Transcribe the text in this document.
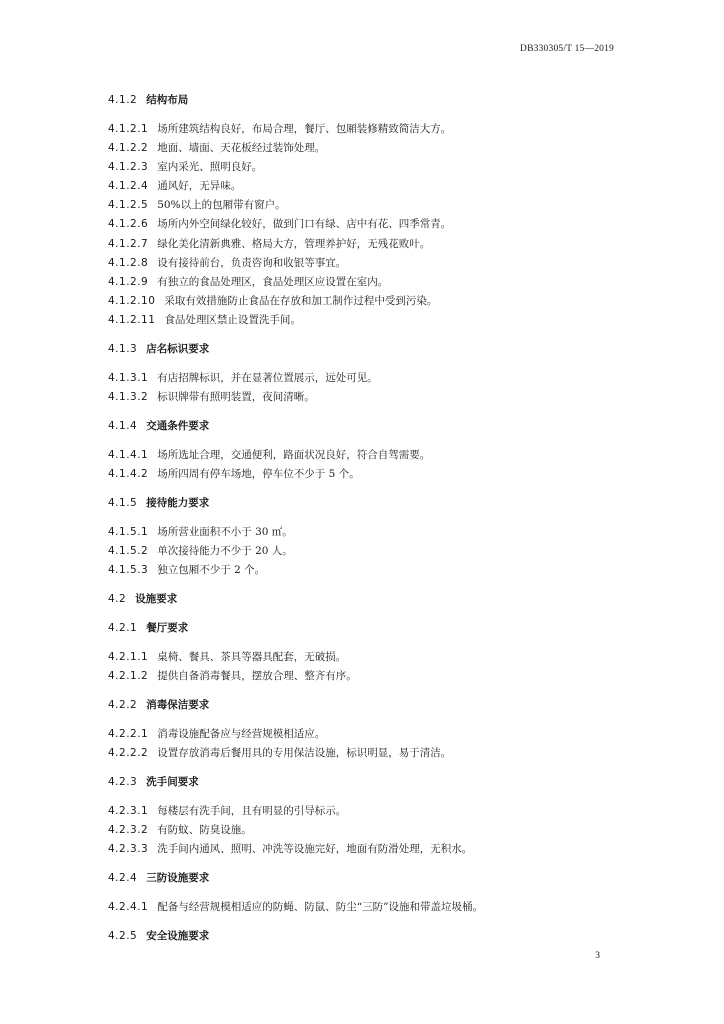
DB330305/T 15—2019
4.1.2 结构布局
4.1.2.1 场所建筑结构良好，布局合理，餐厅、包厢装修精致简洁大方。
4.1.2.2 地面、墙面、天花板经过装饰处理。
4.1.2.3 室内采光、照明良好。
4.1.2.4 通风好，无异味。
4.1.2.5 50%以上的包厢带有窗户。
4.1.2.6 场所内外空间绿化较好，做到门口有绿、店中有花、四季常青。
4.1.2.7 绿化美化清新典雅、格局大方，管理养护好，无残花败叶。
4.1.2.8 设有接待前台，负责咨询和收银等事宜。
4.1.2.9 有独立的食品处理区，食品处理区应设置在室内。
4.1.2.10 采取有效措施防止食品在存放和加工制作过程中受到污染。
4.1.2.11 食品处理区禁止设置洗手间。
4.1.3 店名标识要求
4.1.3.1 有店招牌标识，并在显著位置展示，远处可见。
4.1.3.2 标识牌带有照明装置，夜间清晰。
4.1.4 交通条件要求
4.1.4.1 场所选址合理，交通便利，路面状况良好，符合自驾需要。
4.1.4.2 场所四周有停车场地，停车位不少于 5 个。
4.1.5 接待能力要求
4.1.5.1 场所营业面积不小于 30 ㎡。
4.1.5.2 单次接待能力不少于 20 人。
4.1.5.3 独立包厢不少于 2 个。
4.2 设施要求
4.2.1 餐厅要求
4.2.1.1 桌椅、餐具、茶具等器具配套，无破损。
4.2.1.2 提供自备消毒餐具，摆放合理、整齐有序。
4.2.2 消毒保洁要求
4.2.2.1 消毒设施配备应与经营规模相适应。
4.2.2.2 设置存放消毒后餐用具的专用保洁设施，标识明显，易于清洁。
4.2.3 洗手间要求
4.2.3.1 每楼层有洗手间，且有明显的引导标示。
4.2.3.2 有防蚊、防臭设施。
4.2.3.3 洗手间内通风、照明、冲洗等设施完好，地面有防滑处理，无积水。
4.2.4 三防设施要求
4.2.4.1 配备与经营规模相适应的防蝇、防鼠、防尘“三防”设施和带盖垃圾桶。
4.2.5 安全设施要求
3
